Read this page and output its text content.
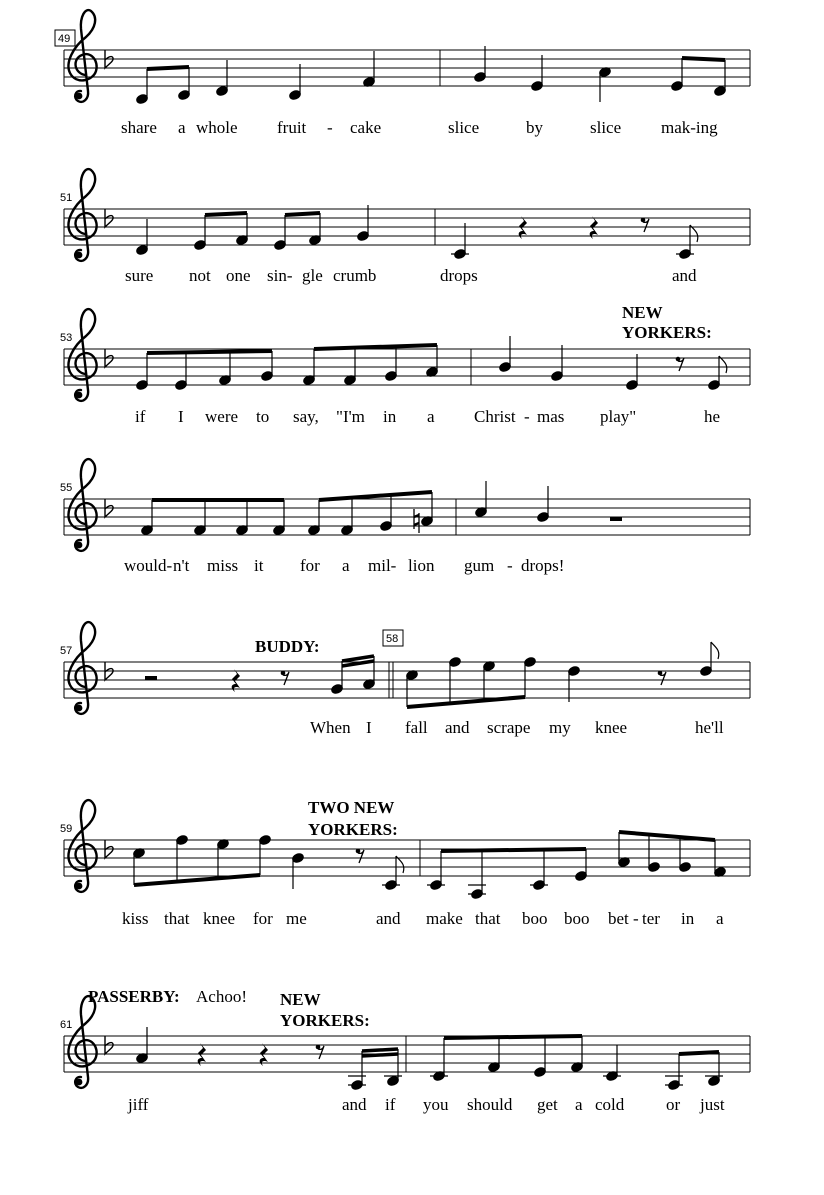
49
share a whole fruit - cake	slice	by	slice mak-ing
51
sure not one sin- gle crumb	drops	and
NEW
YORKERS:
53
if I were to say, "I'm in a Christ - mas play"	he
55
would- n't miss it for a mil- lion gum - drops!
BUDDY:	58
57
When I fall and scrape my knee	he'll
TWO NEW
YORKERS:
59
kiss that knee for me	and make that boo boo bet - ter in a
PASSERBY: Achoo! NEW
YORKERS:
61
jiff	and if you should get a cold or just
